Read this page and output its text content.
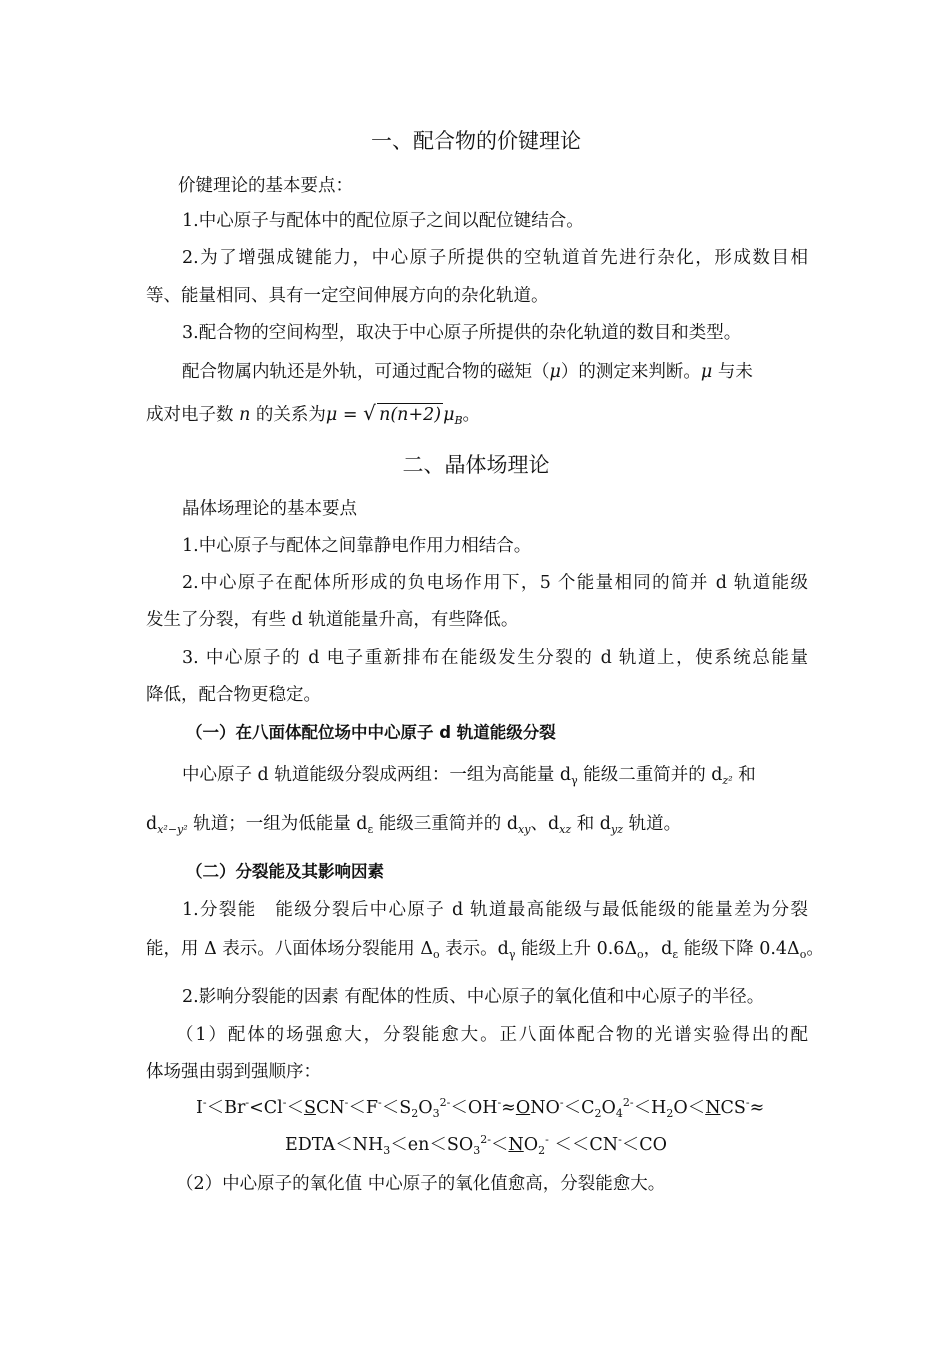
一、配合物的价键理论
价键理论的基本要点：
1.中心原子与配体中的配位原子之间以配位键结合。
2.为了增强成键能力，中心原子所提供的空轨道首先进行杂化，形成数目相
等、能量相同、具有一定空间伸展方向的杂化轨道。
3.配合物的空间构型，取决于中心原子所提供的杂化轨道的数目和类型。
配合物属内轨还是外轨，可通过配合物的磁矩（μ）的测定来判断。μ 与未
成对电子数 n 的关系为μ = √ n(n+2) $\mu_B$。
二、晶体场理论
晶体场理论的基本要点
1.中心原子与配体之间靠静电作用力相结合。
2.中心原子在配体所形成的负电场作用下，5 个能量相同的简并 d 轨道能级
发生了分裂，有些 d 轨道能量升高，有些降低。
3. 中心原子的 d 电子重新排布在能级发生分裂的 d 轨道上，使系统总能量
降低，配合物更稳定。
（一）在八面体配位场中中心原子 d 轨道能级分裂
中心原子 d 轨道能级分裂成两组：一组为高能量 $d_\gamma$ 能级二重简并的 $d_{z^2}$ 和
$d_{x^2-y^2}$ 轨道；一组为低能量 $d_\varepsilon$ 能级三重简并的 $d_{xy}$、$d_{xz}$ 和 $d_{yz}$ 轨道。
（二）分裂能及其影响因素
1.分裂能　能级分裂后中心原子 d 轨道最高能级与最低能级的能量差为分裂
能，用 Δ 表示。八面体场分裂能用 $\Delta_o$ 表示。$d_\gamma$ 能级上升 $0.6\Delta_o$，$d_\varepsilon$ 能级下降 $0.4\Delta_o$。
2.影响分裂能的因素 有配体的性质、中心原子的氧化值和中心原子的半径。
（1）配体的场强愈大，分裂能愈大。正八面体配合物的光谱实验得出的配
体场强由弱到强顺序：
$I^-<Br^-<Cl^-<SCN^-<F^-<S_2O_3^{2-}<OH^-\approx ONO^-<C_2O_4^{2-}<H_2O<NCS^-\approx$
$EDTA<NH_3<en<SO_3^{2-}<NO_2^- <<CN^-<CO$
（2）中心原子的氧化值 中心原子的氧化值愈高，分裂能愈大。
